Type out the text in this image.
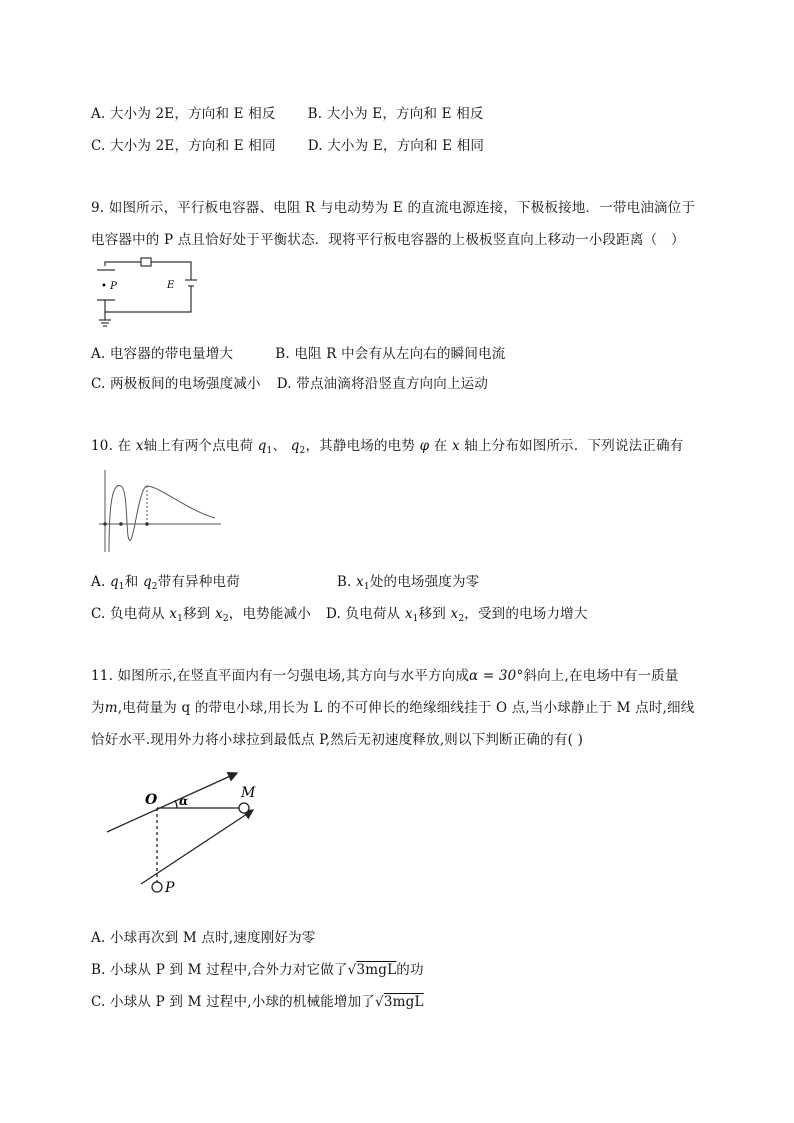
A. 大小为 2E，方向和 E 相反 B. 大小为 E，方向和 E 相反
C. 大小为 2E，方向和 E 相同 D. 大小为 E，方向和 E 相同
9. 如图所示，平行板电容器、电阻 R 与电动势为 E 的直流电源连接，下极板接地．一带电油滴位于
电容器中的 P 点且恰好处于平衡状态．现将平行板电容器的上极板竖直向上移动一小段距离（　）
• P	E
A. 电容器的带电量增大	B. 电阻 R 中会有从左向右的瞬间电流
C. 两极板间的电场强度减小 D. 带点油滴将沿竖直方向向上运动
10. 在 x轴上有两个点电荷 $q_1$、 $q_2$，其静电场的电势 φ 在 x 轴上分布如图所示．下列说法正确有
A. $q_1$和 $q_2$带有异种电荷	B. $x_1$处的电场强度为零
C. 负电荷从 $x_1$移到 $x_2$，电势能减小 D. 负电荷从 $x_1$移到 $x_2$，受到的电场力增大
11. 如图所示,在竖直平面内有一匀强电场,其方向与水平方向成α = 30°斜向上,在电场中有一质量
为m,电荷量为 q 的带电小球,用长为 L 的不可伸长的绝缘细线挂于 O 点,当小球静止于 M 点时,细线
恰好水平.现用外力将小球拉到最低点 P,然后无初速度释放,则以下判断正确的有( )
O α	M
P
A. 小球再次到 M 点时,速度刚好为零
B. 小球从 P 到 M 过程中,合外力对它做了√3mgL的功
C. 小球从 P 到 M 过程中,小球的机械能增加了√3mgL
